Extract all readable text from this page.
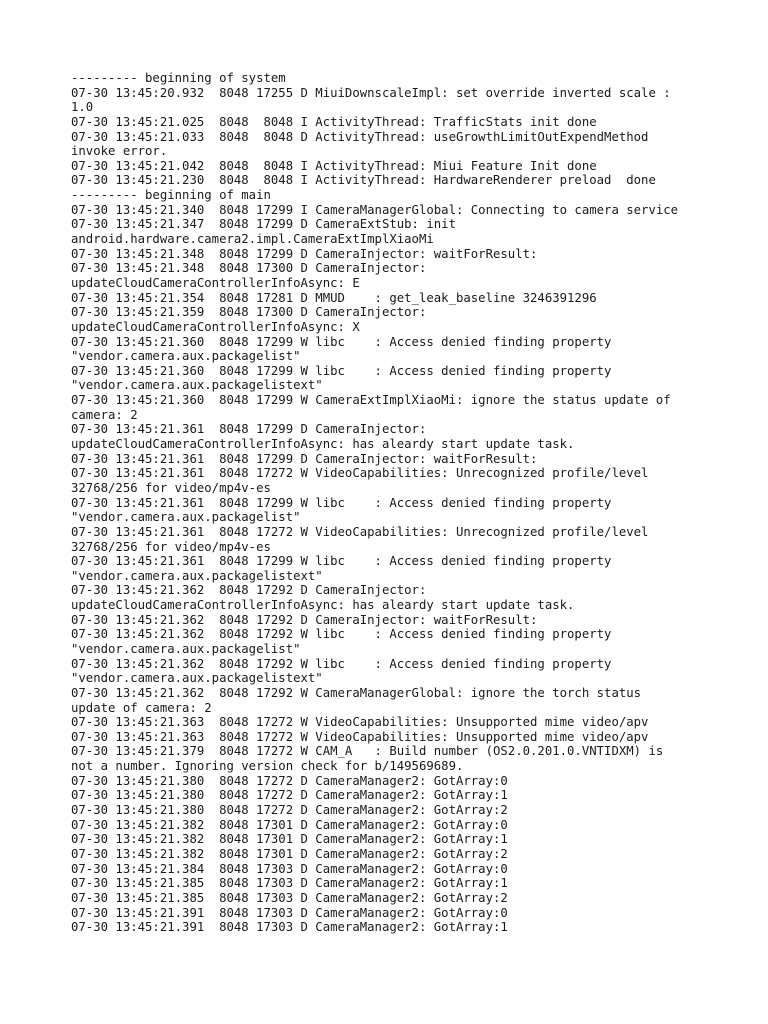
--------- beginning of system
07-30 13:45:20.932  8048 17255 D MiuiDownscaleImpl: set override inverted scale :
1.0
07-30 13:45:21.025  8048  8048 I ActivityThread: TrafficStats init done
07-30 13:45:21.033  8048  8048 D ActivityThread: useGrowthLimitOutExpendMethod
invoke error.
07-30 13:45:21.042  8048  8048 I ActivityThread: Miui Feature Init done
07-30 13:45:21.230  8048  8048 I ActivityThread: HardwareRenderer preload  done
--------- beginning of main
07-30 13:45:21.340  8048 17299 I CameraManagerGlobal: Connecting to camera service
07-30 13:45:21.347  8048 17299 D CameraExtStub: init
android.hardware.camera2.impl.CameraExtImplXiaoMi
07-30 13:45:21.348  8048 17299 D CameraInjector: waitForResult:
07-30 13:45:21.348  8048 17300 D CameraInjector:
updateCloudCameraControllerInfoAsync: E
07-30 13:45:21.354  8048 17281 D MMUD    : get_leak_baseline 3246391296
07-30 13:45:21.359  8048 17300 D CameraInjector:
updateCloudCameraControllerInfoAsync: X
07-30 13:45:21.360  8048 17299 W libc    : Access denied finding property
"vendor.camera.aux.packagelist"
07-30 13:45:21.360  8048 17299 W libc    : Access denied finding property
"vendor.camera.aux.packagelistext"
07-30 13:45:21.360  8048 17299 W CameraExtImplXiaoMi: ignore the status update of
camera: 2
07-30 13:45:21.361  8048 17299 D CameraInjector:
updateCloudCameraControllerInfoAsync: has aleardy start update task.
07-30 13:45:21.361  8048 17299 D CameraInjector: waitForResult:
07-30 13:45:21.361  8048 17272 W VideoCapabilities: Unrecognized profile/level
32768/256 for video/mp4v-es
07-30 13:45:21.361  8048 17299 W libc    : Access denied finding property
"vendor.camera.aux.packagelist"
07-30 13:45:21.361  8048 17272 W VideoCapabilities: Unrecognized profile/level
32768/256 for video/mp4v-es
07-30 13:45:21.361  8048 17299 W libc    : Access denied finding property
"vendor.camera.aux.packagelistext"
07-30 13:45:21.362  8048 17292 D CameraInjector:
updateCloudCameraControllerInfoAsync: has aleardy start update task.
07-30 13:45:21.362  8048 17292 D CameraInjector: waitForResult:
07-30 13:45:21.362  8048 17292 W libc    : Access denied finding property
"vendor.camera.aux.packagelist"
07-30 13:45:21.362  8048 17292 W libc    : Access denied finding property
"vendor.camera.aux.packagelistext"
07-30 13:45:21.362  8048 17292 W CameraManagerGlobal: ignore the torch status
update of camera: 2
07-30 13:45:21.363  8048 17272 W VideoCapabilities: Unsupported mime video/apv
07-30 13:45:21.363  8048 17272 W VideoCapabilities: Unsupported mime video/apv
07-30 13:45:21.379  8048 17272 W CAM_A   : Build number (OS2.0.201.0.VNTIDXM) is
not a number. Ignoring version check for b/149569689.
07-30 13:45:21.380  8048 17272 D CameraManager2: GotArray:0
07-30 13:45:21.380  8048 17272 D CameraManager2: GotArray:1
07-30 13:45:21.380  8048 17272 D CameraManager2: GotArray:2
07-30 13:45:21.382  8048 17301 D CameraManager2: GotArray:0
07-30 13:45:21.382  8048 17301 D CameraManager2: GotArray:1
07-30 13:45:21.382  8048 17301 D CameraManager2: GotArray:2
07-30 13:45:21.384  8048 17303 D CameraManager2: GotArray:0
07-30 13:45:21.385  8048 17303 D CameraManager2: GotArray:1
07-30 13:45:21.385  8048 17303 D CameraManager2: GotArray:2
07-30 13:45:21.391  8048 17303 D CameraManager2: GotArray:0
07-30 13:45:21.391  8048 17303 D CameraManager2: GotArray:1
